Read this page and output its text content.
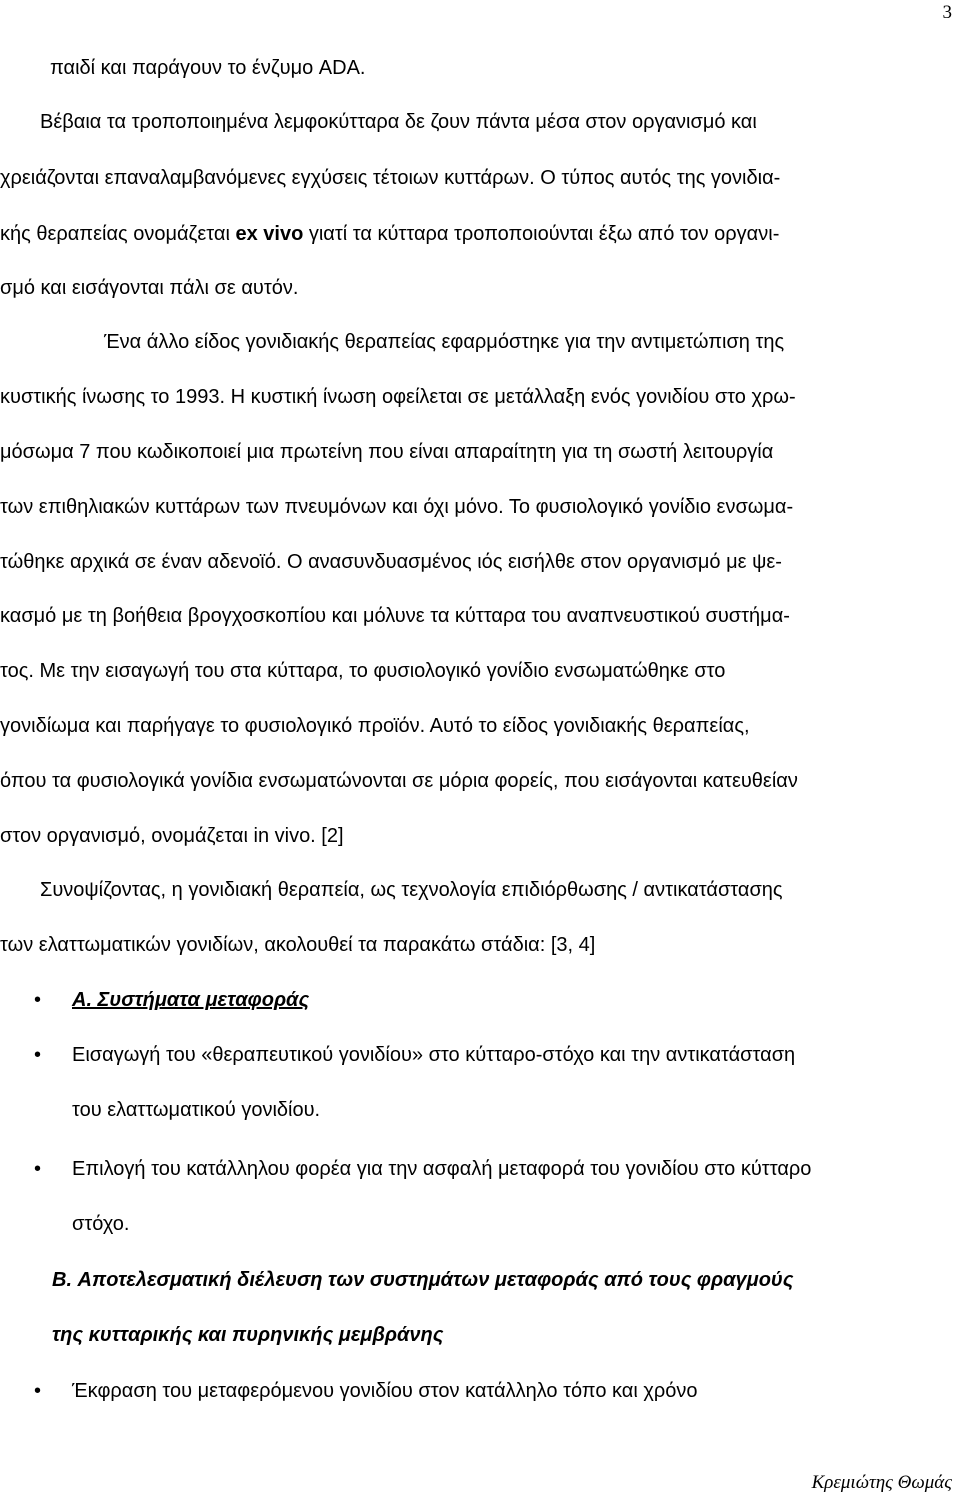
3
παιδί και παράγουν το ένζυμο ADA.
Βέβαια τα τροποποιημένα λεμφοκύτταρα δε ζουν πάντα μέσα στον οργανισμό και
χρειάζονται επαναλαμβανόμενες εγχύσεις τέτοιων κυττάρων. Ο τύπος αυτός της γονιδια-
κής θεραπείας ονομάζεται ex vivo γιατί τα κύτταρα τροποποιούνται έξω από τον οργανι-
σμό και εισάγονται πάλι σε αυτόν.
Ένα άλλο είδος γονιδιακής θεραπείας εφαρμόστηκε για την αντιμετώπιση της
κυστικής ίνωσης το 1993. Η κυστική ίνωση οφείλεται σε μετάλλαξη ενός γονιδίου στο χρω-
μόσωμα 7 που κωδικοποιεί μια πρωτείνη που είναι απαραίτητη για τη σωστή λειτουργία
των επιθηλιακών κυττάρων των πνευμόνων και όχι μόνο. Το φυσιολογικό γονίδιο ενσωμα-
τώθηκε αρχικά σε έναν αδενοϊό. Ο ανασυνδυασμένος ιός εισήλθε στον οργανισμό με ψε-
κασμό με τη βοήθεια βρογχοσκοπίου και μόλυνε τα κύτταρα του αναπνευστικού συστήμα-
τος. Με την εισαγωγή του στα κύτταρα, το φυσιολογικό γονίδιο ενσωματώθηκε στο
γονιδίωμα και παρήγαγε το φυσιολογικό προϊόν. Αυτό το είδος γονιδιακής θεραπείας,
όπου τα φυσιολογικά γονίδια ενσωματώνονται σε μόρια φορείς, που εισάγονται κατευθείαν
στον οργανισμό, ονομάζεται in vivo. [2]
Συνοψίζοντας, η γονιδιακή θεραπεία, ως τεχνολογία επιδιόρθωσης / αντικατάστασης
των ελαττωματικών γονιδίων, ακολουθεί τα παρακάτω στάδια: [3, 4]
• A. Συστήματα μεταφοράς
• Εισαγωγή του «θεραπευτικού γονιδίου» στο κύτταρο-στόχο και την αντικατάσταση
του ελαττωματικού γονιδίου.
• Επιλογή του κατάλληλου φορέα για την ασφαλή μεταφορά του γονιδίου στο κύτταρο
στόχο.
B. Αποτελεσματική διέλευση των συστημάτων μεταφοράς από τους φραγμούς
της κυτταρικής και πυρηνικής μεμβράνης
• Έκφραση του μεταφερόμενου γονιδίου στον κατάλληλο τόπο και χρόνο
Κρεμιώτης Θωμάς
